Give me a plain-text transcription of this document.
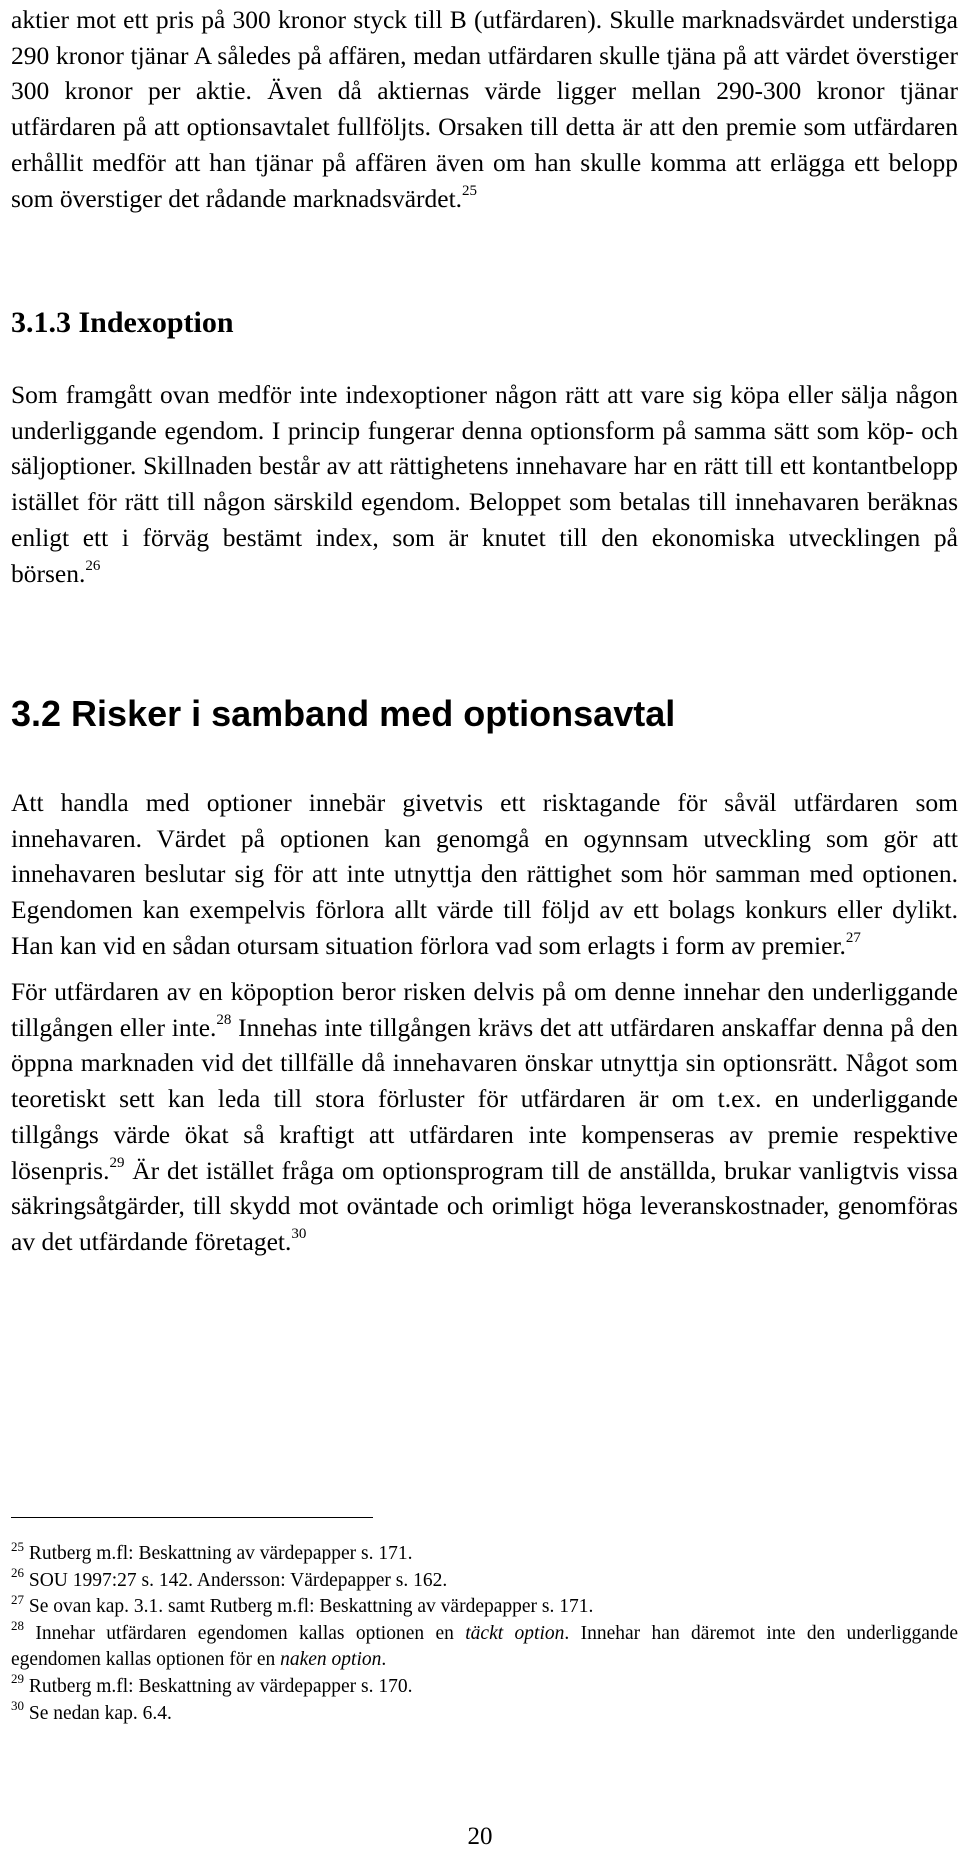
aktier mot ett pris på 300 kronor styck till B (utfärdaren). Skulle marknadsvärdet understiga 290 kronor tjänar A således på affären, medan utfärdaren skulle tjäna på att värdet överstiger 300 kronor per aktie. Även då aktiernas värde ligger mellan 290-300 kronor tjänar utfärdaren på att optionsavtalet fullföljts. Orsaken till detta är att den premie som utfärdaren erhållit medför att han tjänar på affären även om han skulle komma att erlägga ett belopp som överstiger det rådande marknadsvärdet.$^{25}$

3.1.3 Indexoption

Som framgått ovan medför inte indexoptioner någon rätt att vare sig köpa eller sälja någon underliggande egendom. I princip fungerar denna optionsform på samma sätt som köp- och säljoptioner. Skillnaden består av att rättighetens innehavare har en rätt till ett kontantbelopp istället för rätt till någon särskild egendom. Beloppet som betalas till innehavaren beräknas enligt ett i förväg bestämt index, som är knutet till den ekonomiska utvecklingen på börsen.$^{26}$

3.2 Risker i samband med optionsavtal

Att handla med optioner innebär givetvis ett risktagande för såväl utfärdaren som innehavaren. Värdet på optionen kan genomgå en ogynnsam utveckling som gör att innehavaren beslutar sig för att inte utnyttja den rättighet som hör samman med optionen. Egendomen kan exempelvis förlora allt värde till följd av ett bolags konkurs eller dylikt. Han kan vid en sådan otursam situation förlora vad som erlagts i form av premier.$^{27}$

För utfärdaren av en köpoption beror risken delvis på om denne innehar den underliggande tillgången eller inte.$^{28}$ Innehas inte tillgången krävs det att utfärdaren anskaffar denna på den öppna marknaden vid det tillfälle då innehavaren önskar utnyttja sin optionsrätt. Något som teoretiskt sett kan leda till stora förluster för utfärdaren är om t.ex. en underliggande tillgångs värde ökat så kraftigt att utfärdaren inte kompenseras av premie respektive lösenpris.$^{29}$ Är det istället fråga om optionsprogram till de anställda, brukar vanligtvis vissa säkringsåtgärder, till skydd mot oväntade och orimligt höga leveranskostnader, genomföras av det utfärdande företaget.$^{30}$

$^{25}$ Rutberg m.fl: Beskattning av värdepapper s. 171.

$^{26}$ SOU 1997:27 s. 142. Andersson: Värdepapper s. 162.

$^{27}$ Se ovan kap. 3.1. samt Rutberg m.fl: Beskattning av värdepapper s. 171.

$^{28}$ Innehar utfärdaren egendomen kallas optionen en täckt option. Innehar han däremot inte den underliggande egendomen kallas optionen för en naken option.

$^{29}$ Rutberg m.fl: Beskattning av värdepapper s. 170.

$^{30}$ Se nedan kap. 6.4.

20
